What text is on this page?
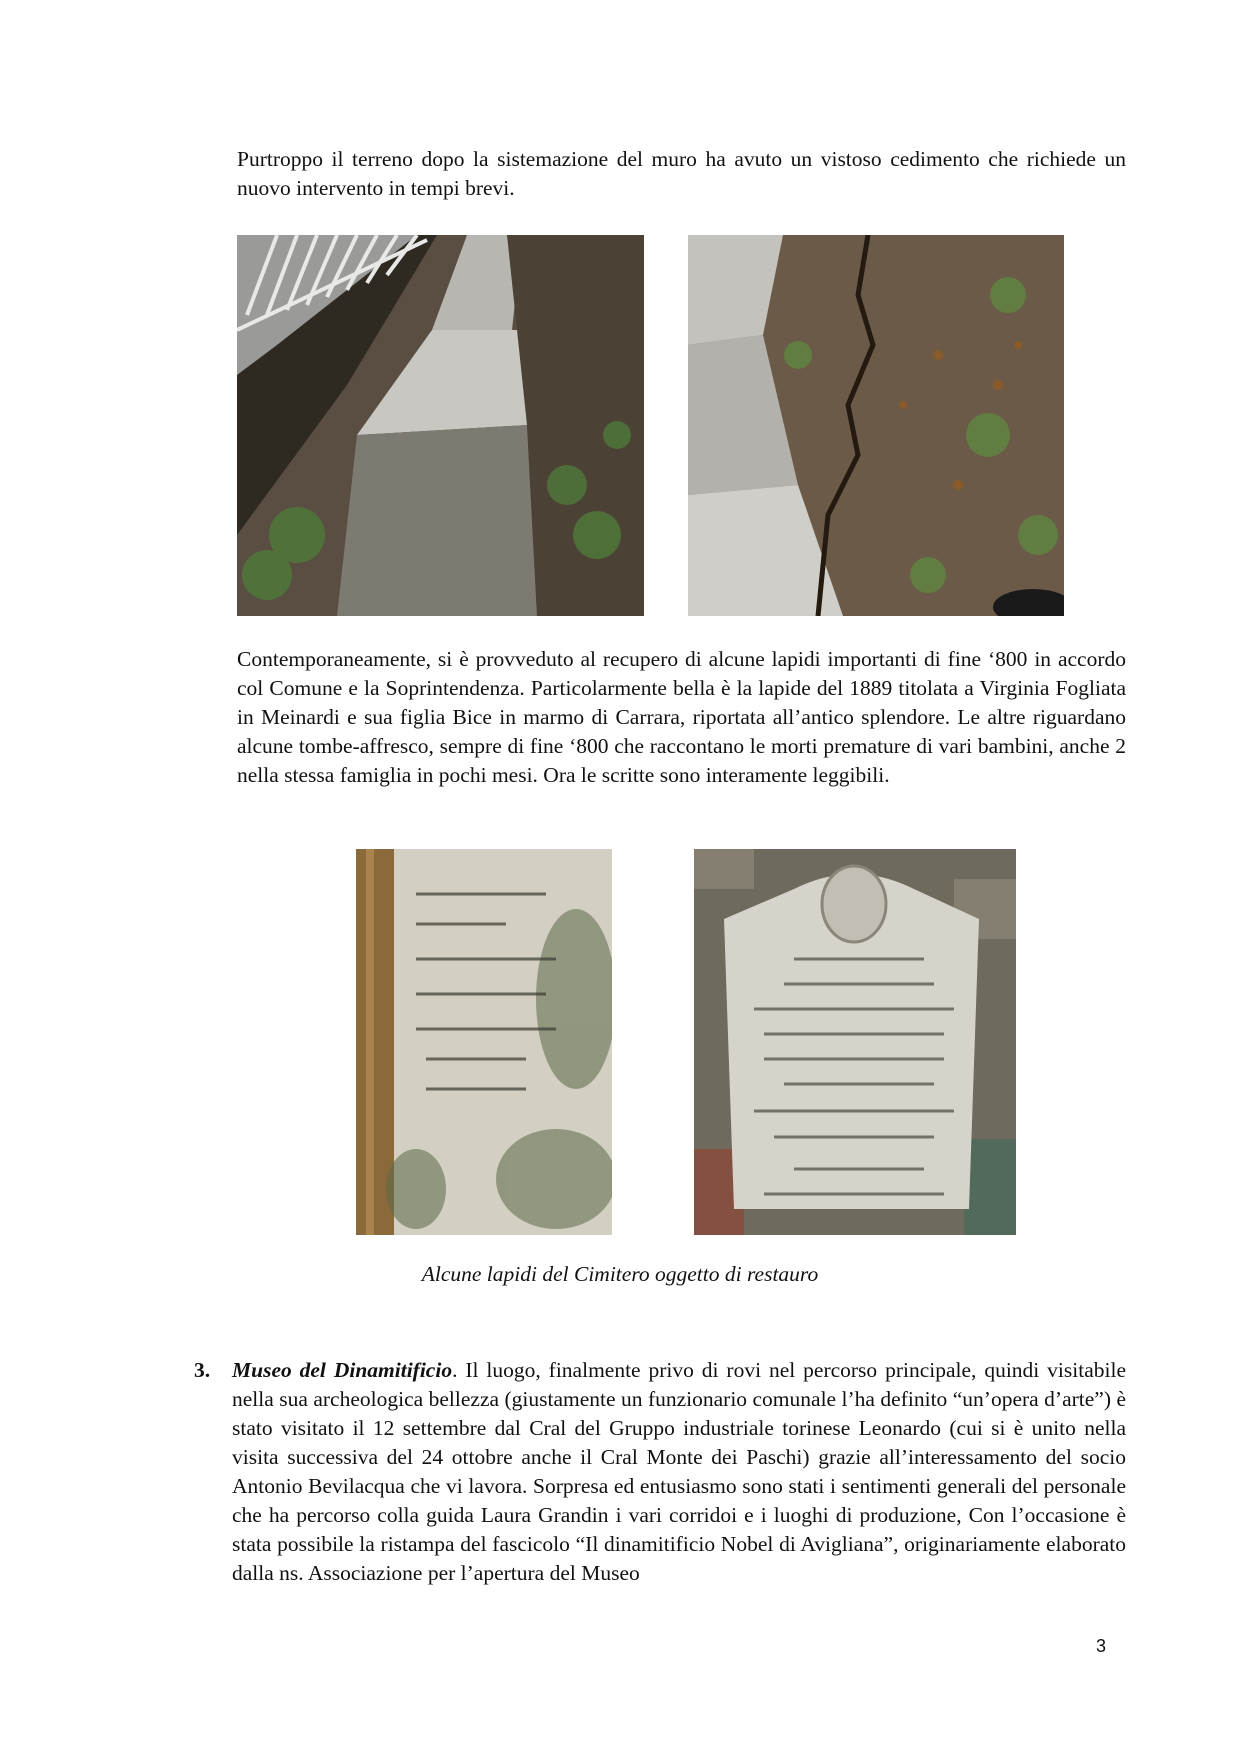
Purtroppo il terreno dopo la sistemazione del muro ha avuto un vistoso cedimento che richiede un nuovo intervento in tempi brevi.

Contemporaneamente, si è provveduto al recupero di alcune lapidi importanti di fine ‘800 in accordo col Comune e la Soprintendenza. Particolarmente bella è la lapide del 1889 titolata a Virginia Fogliata in Meinardi e sua figlia Bice in marmo di Carrara, riportata all’antico splendore. Le altre riguardano alcune tombe-affresco, sempre di fine ‘800 che raccontano le morti premature di vari bambini, anche 2 nella stessa famiglia in pochi mesi. Ora le scritte sono interamente leggibili.

Alcune lapidi del Cimitero oggetto di restauro
3. Museo del Dinamitificio. Il luogo, finalmente privo di rovi nel percorso principale, quindi visitabile nella sua archeologica bellezza (giustamente un funzionario comunale l’ha definito “un’opera d’arte”) è stato visitato il 12 settembre dal Cral del Gruppo industriale torinese Leonardo (cui si è unito nella visita successiva del 24 ottobre anche il Cral Monte dei Paschi) grazie all’interessamento del socio Antonio Bevilacqua che vi lavora. Sorpresa ed entusiasmo sono stati i sentimenti generali del personale che ha percorso colla guida Laura Grandin i vari corridoi e i luoghi di produzione, Con l’occasione è stata possibile la ristampa del fascicolo “Il dinamitificio Nobel di Avigliana”, originariamente elaborato dalla ns. Associazione per l’apertura del Museo
3
